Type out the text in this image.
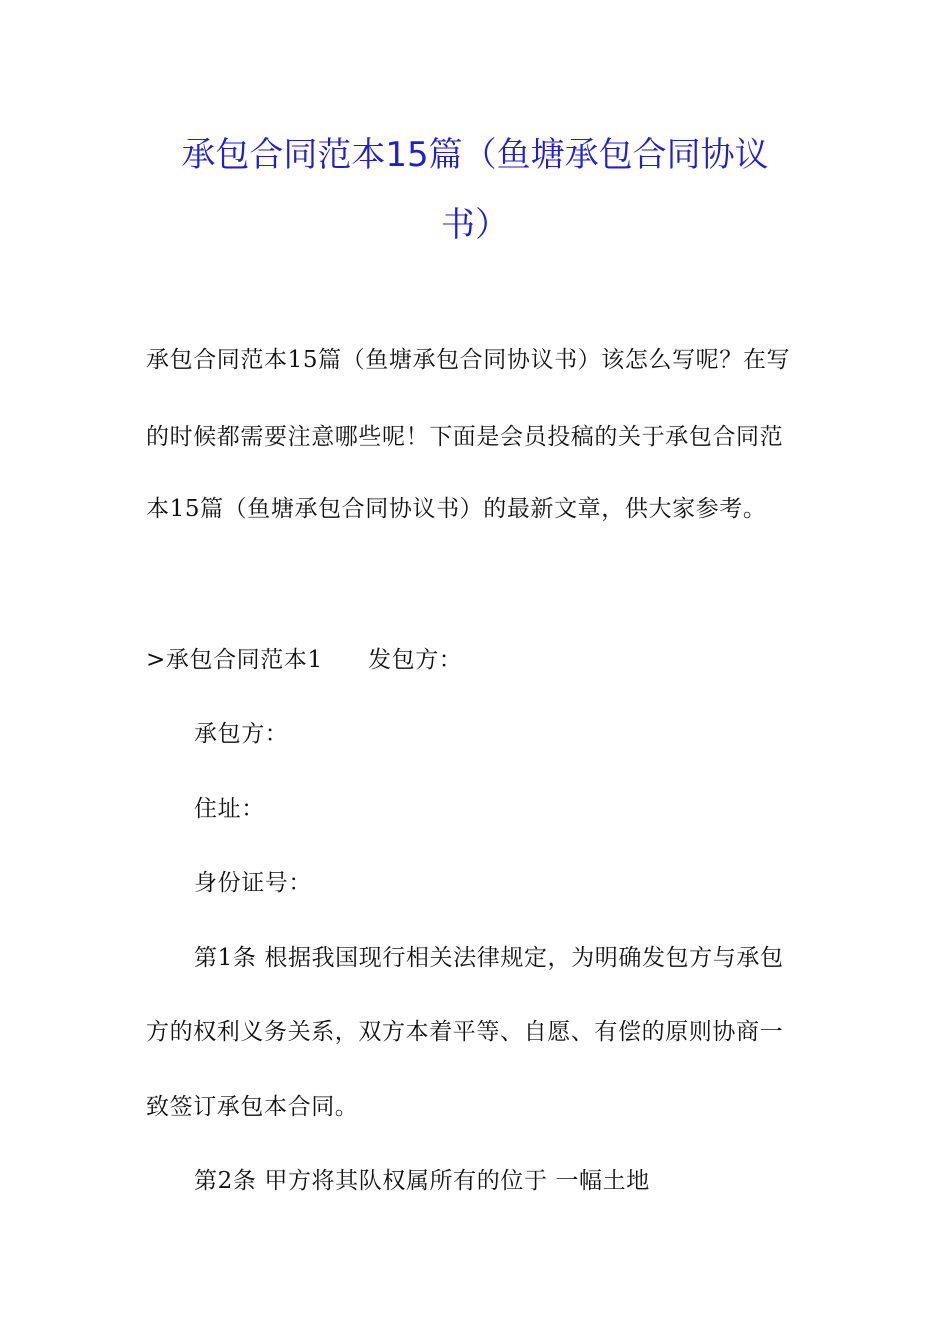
承包合同范本15篇（鱼塘承包合同协议
书）
承包合同范本15篇（鱼塘承包合同协议书）该怎么写呢？在写
的时候都需要注意哪些呢！下面是会员投稿的关于承包合同范
本15篇（鱼塘承包合同协议书）的最新文章，供大家参考。
>承包合同范本1 发包方：
承包方：
住址：
身份证号：
第1条 根据我国现行相关法律规定，为明确发包方与承包
方的权利义务关系，双方本着平等、自愿、有偿的原则协商一
致签订承包本合同。
第2条 甲方将其队权属所有的位于 一幅土地
